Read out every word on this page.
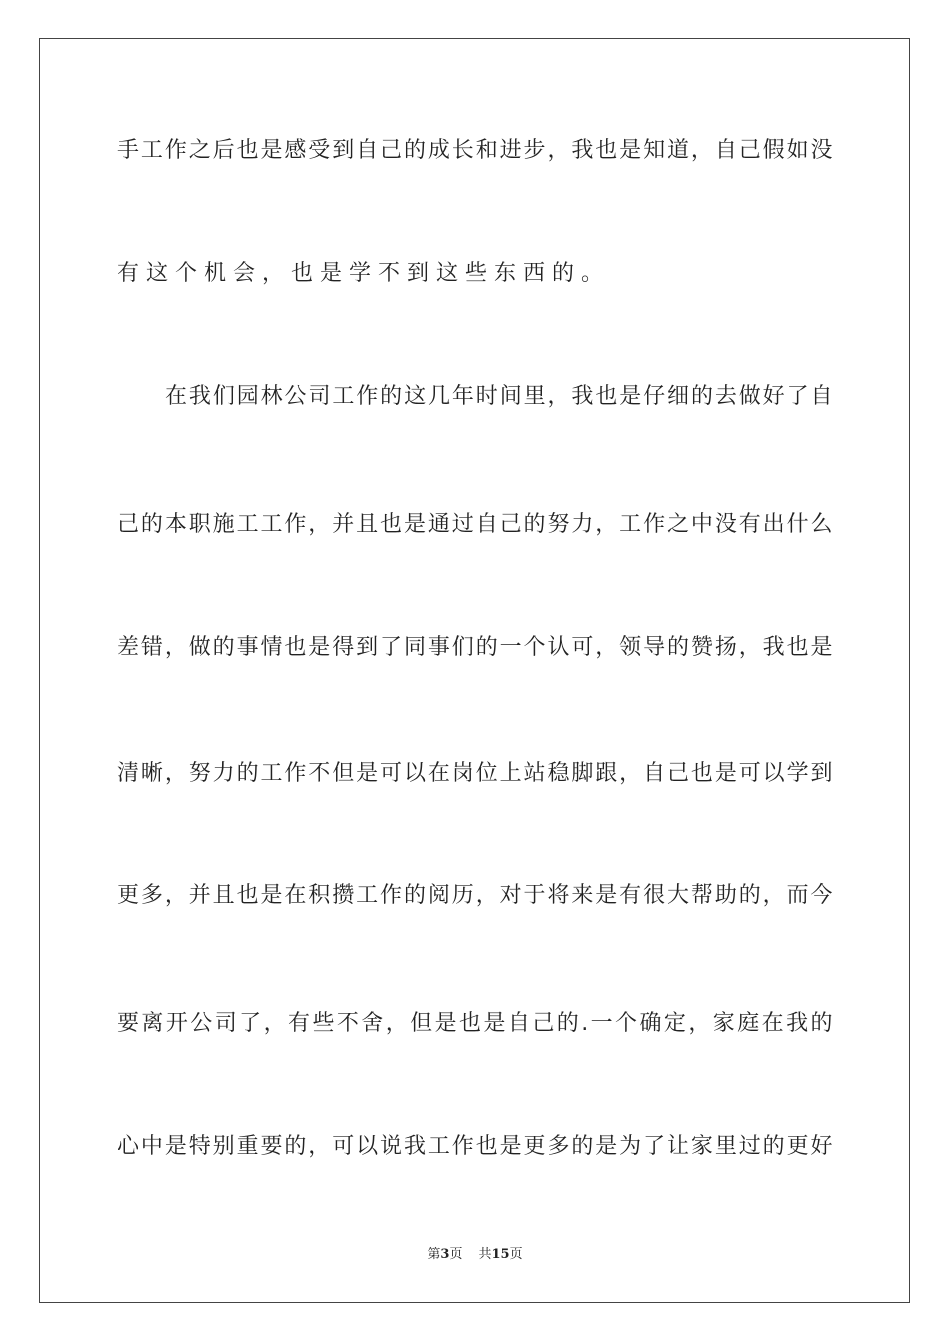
手工作之后也是感受到自己的成长和进步，我也是知道，自己假如没
有这个机会，也是学不到这些东西的。
在我们园林公司工作的这几年时间里，我也是仔细的去做好了自
己的本职施工工作，并且也是通过自己的努力，工作之中没有出什么
差错，做的事情也是得到了同事们的一个认可，领导的赞扬，我也是
清晰，努力的工作不但是可以在岗位上站稳脚跟，自己也是可以学到
更多，并且也是在积攒工作的阅历，对于将来是有很大帮助的，而今
要离开公司了，有些不舍，但是也是自己的.一个确定，家庭在我的
心中是特别重要的，可以说我工作也是更多的是为了让家里过的更好
第3页 共15页
